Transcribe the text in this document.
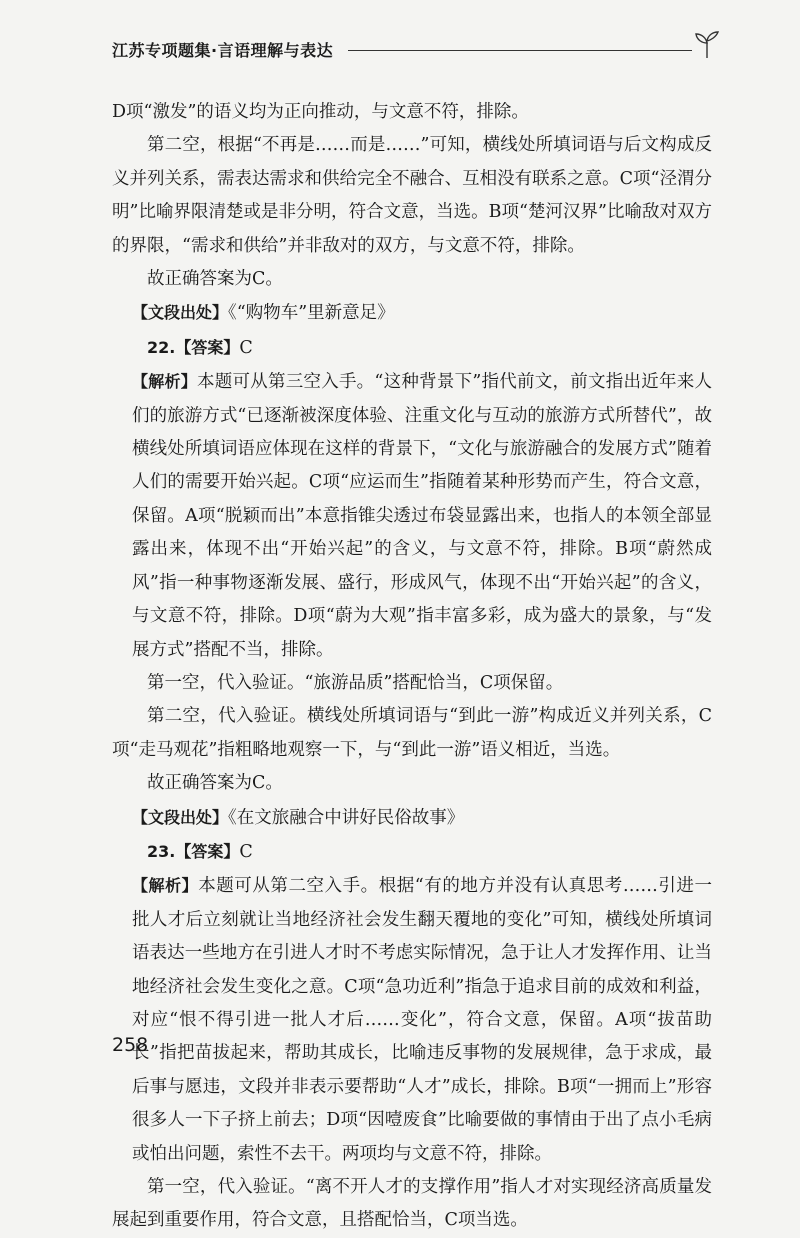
江苏专项题集·言语理解与表达

D项“激发”的语义均为正向推动，与文意不符，排除。

第二空，根据“不再是……而是……”可知，横线处所填词语与后文构成反义并列关系，需表达需求和供给完全不融合、互相没有联系之意。C项“泾渭分明”比喻界限清楚或是非分明，符合文意，当选。B项“楚河汉界”比喻敌对双方的界限，“需求和供给”并非敌对的双方，与文意不符，排除。

故正确答案为C。

【文段出处】《“购物车”里新意足》

22.【答案】C

【解析】本题可从第三空入手。“这种背景下”指代前文，前文指出近年来人们的旅游方式“已逐渐被深度体验、注重文化与互动的旅游方式所替代”，故横线处所填词语应体现在这样的背景下，“文化与旅游融合的发展方式”随着人们的需要开始兴起。C项“应运而生”指随着某种形势而产生，符合文意，保留。A项“脱颖而出”本意指锥尖透过布袋显露出来，也指人的本领全部显露出来，体现不出“开始兴起”的含义，与文意不符，排除。B项“蔚然成风”指一种事物逐渐发展、盛行，形成风气，体现不出“开始兴起”的含义，与文意不符，排除。D项“蔚为大观”指丰富多彩，成为盛大的景象，与“发展方式”搭配不当，排除。

第一空，代入验证。“旅游品质”搭配恰当，C项保留。

第二空，代入验证。横线处所填词语与“到此一游”构成近义并列关系，C项“走马观花”指粗略地观察一下，与“到此一游”语义相近，当选。

故正确答案为C。

【文段出处】《在文旅融合中讲好民俗故事》

23.【答案】C

【解析】本题可从第二空入手。根据“有的地方并没有认真思考……引进一批人才后立刻就让当地经济社会发生翻天覆地的变化”可知，横线处所填词语表达一些地方在引进人才时不考虑实际情况，急于让人才发挥作用、让当地经济社会发生变化之意。C项“急功近利”指急于追求目前的成效和利益，对应“恨不得引进一批人才后……变化”，符合文意，保留。A项“拔苗助长”指把苗拔起来，帮助其成长，比喻违反事物的发展规律，急于求成，最后事与愿违，文段并非表示要帮助“人才”成长，排除。B项“一拥而上”形容很多人一下子挤上前去；D项“因噎废食”比喻要做的事情由于出了点小毛病或怕出问题，索性不去干。两项均与文意不符，排除。

第一空，代入验证。“离不开人才的支撑作用”指人才对实现经济高质量发展起到重要作用，符合文意，且搭配恰当，C项当选。

258
